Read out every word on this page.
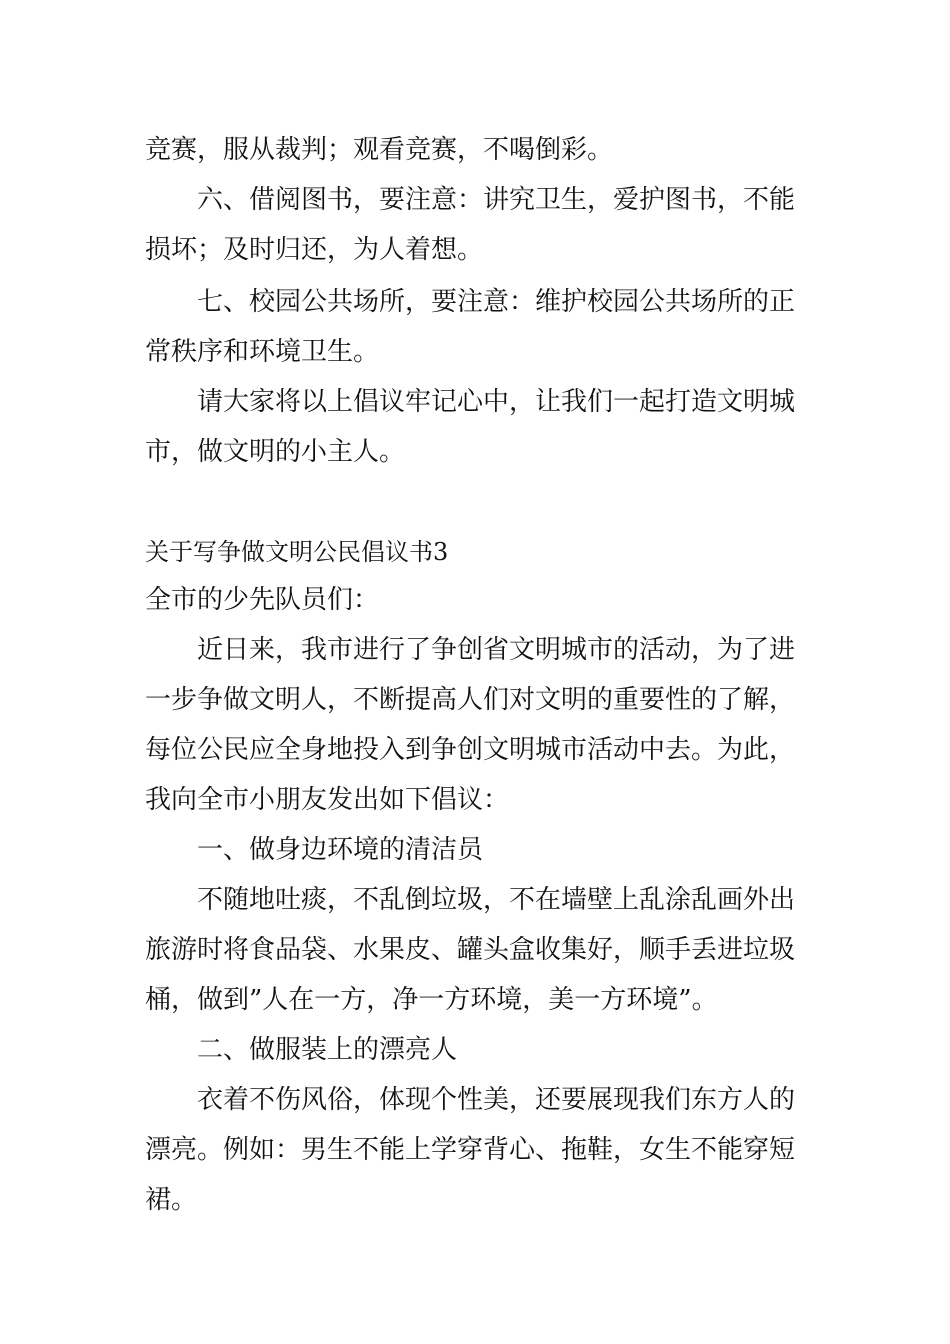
竞赛，服从裁判；观看竞赛，不喝倒彩。
六、借阅图书，要注意：讲究卫生，爱护图书，不能
损坏；及时归还，为人着想。
七、校园公共场所，要注意：维护校园公共场所的正
常秩序和环境卫生。
请大家将以上倡议牢记心中，让我们一起打造文明城
市，做文明的小主人。
关于写争做文明公民倡议书3
全市的少先队员们：
近日来，我市进行了争创省文明城市的活动，为了进
一步争做文明人，不断提高人们对文明的重要性的了解，
每位公民应全身地投入到争创文明城市活动中去。为此，
我向全市小朋友发出如下倡议：
一、做身边环境的清洁员
不随地吐痰，不乱倒垃圾，不在墙壁上乱涂乱画外出
旅游时将食品袋、水果皮、罐头盒收集好，顺手丢进垃圾
桶，做到”人在一方，净一方环境，美一方环境”。
二、做服装上的漂亮人
衣着不伤风俗，体现个性美，还要展现我们东方人的
漂亮。例如：男生不能上学穿背心、拖鞋，女生不能穿短
裙。
